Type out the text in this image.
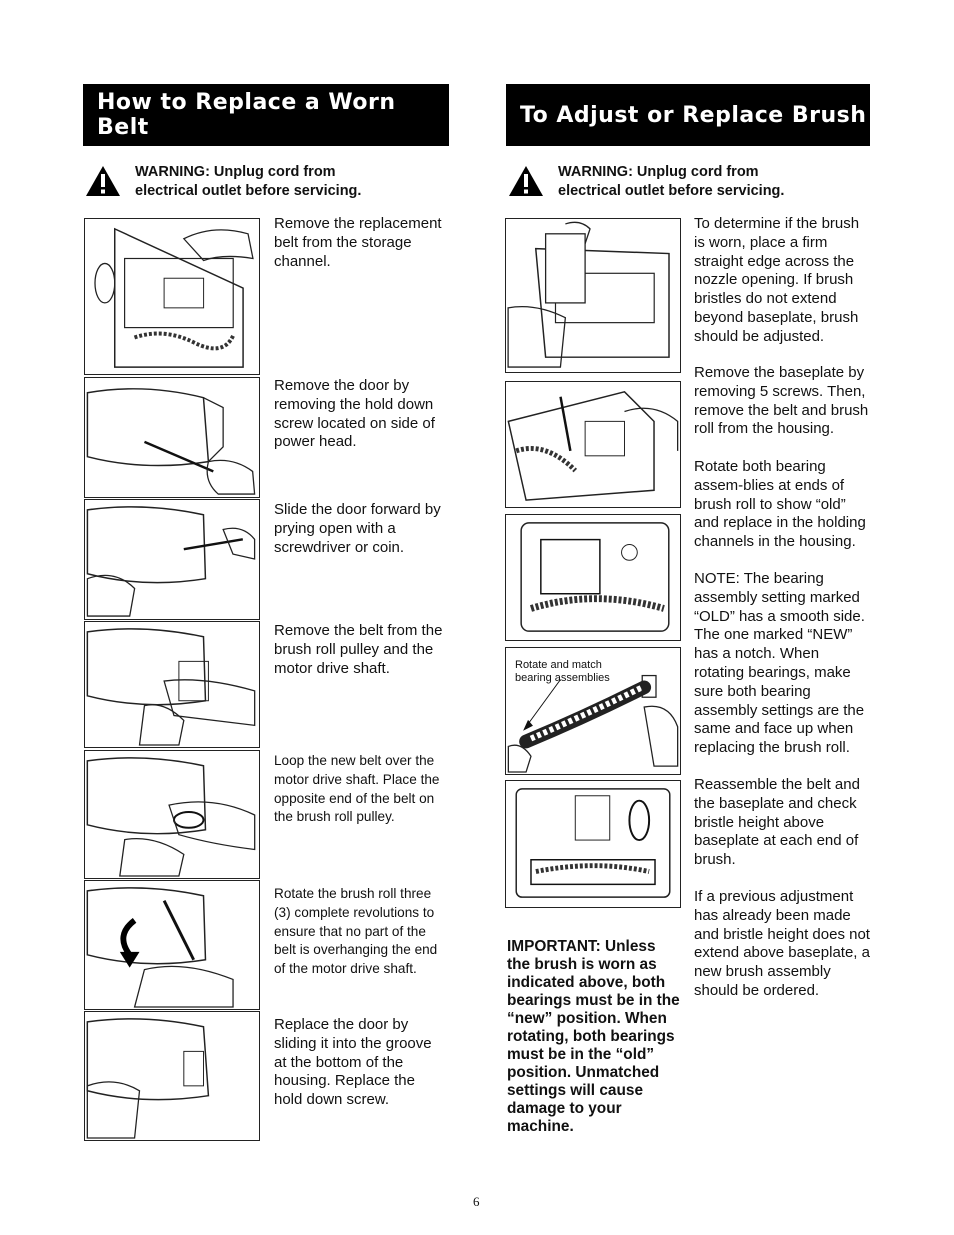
How to Replace a Worn Belt
WARNING: Unplug cord from
electrical outlet before servicing.
Remove the replacement belt from the storage channel.
Remove the door by removing the hold down screw located on side of power head.
Slide the door forward by prying open with a screwdriver or coin.
Remove the belt from the brush roll pulley and the motor drive shaft.
Loop the new belt over the motor drive shaft. Place the opposite end of the belt on the brush roll pulley.
Rotate the brush roll three (3) complete revolutions to ensure that no part of the belt is overhanging the end of the motor drive shaft.
Replace the door by sliding it into the groove at the bottom of the housing. Replace the hold down screw.
To Adjust or Replace Brush
WARNING: Unplug cord from
electrical outlet before servicing.
Rotate and match
bearing assemblies
IMPORTANT: Unless the brush is worn as indicated above, both bearings must be in the “new” position. When rotating, both bearings must be in the “old” position. Unmatched settings will cause damage to your machine.
To determine if the brush is worn, place a firm straight edge across the nozzle opening. If brush bristles do not extend beyond baseplate, brush should be adjusted.
Remove the baseplate by removing 5 screws. Then, remove the belt and brush roll from the housing.
Rotate both bearing assem-blies at ends of brush roll to show “old” and replace in the holding channels in the housing.
NOTE: The bearing assembly setting marked “OLD” has a smooth side. The one marked “NEW” has a notch. When rotating bearings, make sure both bearing assembly settings are the same and face up when replacing the brush roll.
Reassemble the belt and the baseplate and check bristle height above baseplate at each end of brush.
If a previous adjustment has already been made and bristle height does not extend above baseplate, a new brush assembly should be ordered.
6
